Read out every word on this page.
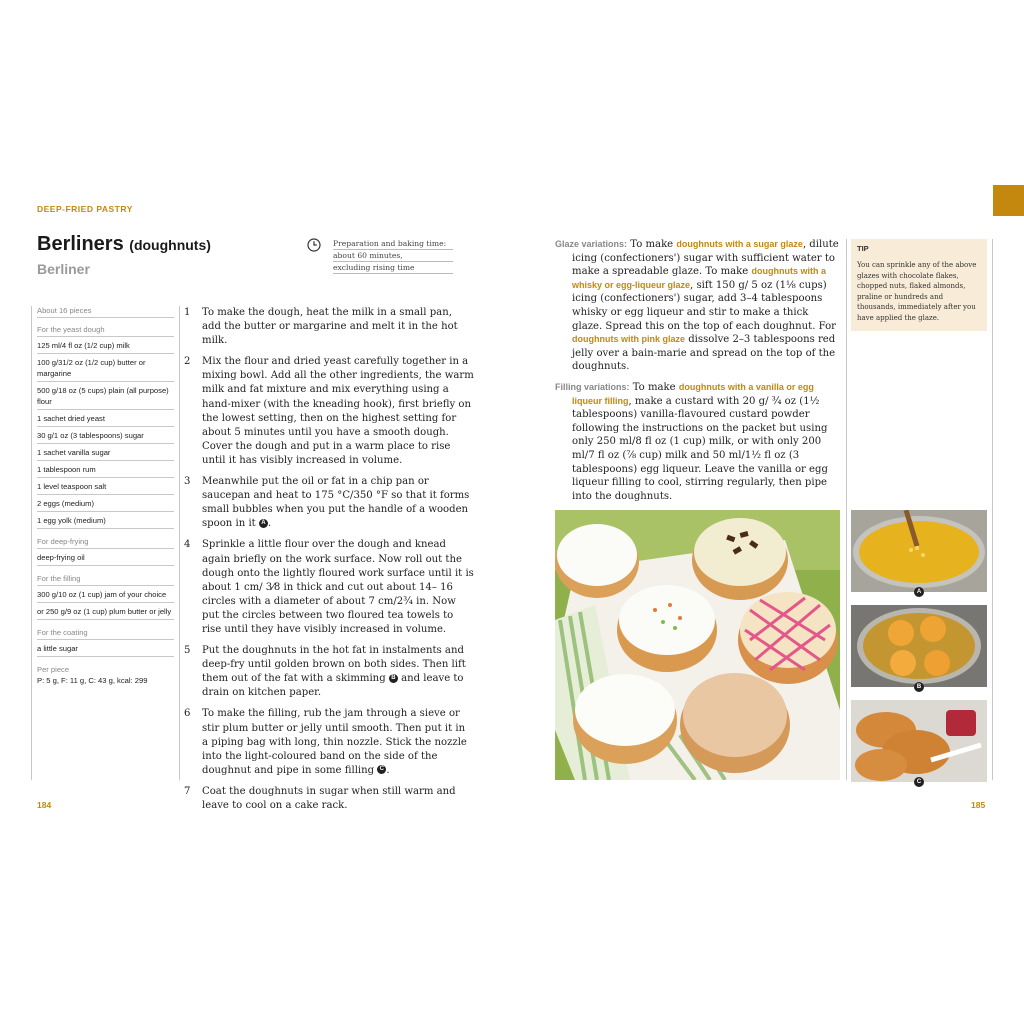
DEEP-FRIED PASTRY
Berliners (doughnuts)
Berliner
Preparation and baking time:
about 60 minutes,
excluding rising time
About 16 pieces
For the yeast dough
125 ml/4 fl oz (1/2 cup) milk
100 g/31/2 oz (1/2 cup) butter or margarine
500 g/18 oz (5 cups) plain (all purpose) flour
1 sachet dried yeast
30 g/1 oz (3 tablespoons) sugar
1 sachet vanilla sugar
1 tablespoon rum
1 level teaspoon salt
2 eggs (medium)
1 egg yolk (medium)
For deep-frying
deep-frying oil
For the filling
300 g/10 oz (1 cup) jam of your choice
or 250 g/9 oz (1 cup) plum butter or jelly
For the coating
a little sugar
Per piece
P: 5 g, F: 11 g, C: 43 g, kcal: 299
1	To make the dough, heat the milk in a small pan, add the butter or margarine and melt it in the hot milk.
2	Mix the flour and dried yeast carefully together in a mixing bowl. Add all the other ingredients, the warm milk and fat mixture and mix everything using a hand-mixer (with the kneading hook), first briefly on the lowest setting, then on the highest setting for about 5 minutes until you have a smooth dough. Cover the dough and put in a warm place to rise until it has visibly increased in volume.
3	Meanwhile put the oil or fat in a chip pan or saucepan and heat to 175 °C/350 °F so that it forms small bubbles when you put the handle of a wooden spoon in it A .
4	Sprinkle a little flour over the dough and knead again briefly on the work surface. Now roll out the dough onto the lightly floured work surface until it is about 1 cm/ 3⁄8 in thick and cut out about 14– 16 circles with a diameter of about 7 cm/2¾ in. Now put the circles between two floured tea towels to rise until they have visibly increased in volume.
5	Put the doughnuts in the hot fat in instalments and deep-fry until golden brown on both sides. Then lift them out of the fat with a skimming B and leave to drain on kitchen paper.
6	To make the filling, rub the jam through a sieve or stir plum butter or jelly until smooth. Then put it in a piping bag with long, thin nozzle. Stick the nozzle into the light-coloured band on the side of the doughnut and pipe in some filling C .
7	Coat the doughnuts in sugar when still warm and leave to cool on a cake rack.
Glaze variations: To make doughnuts with a sugar glaze, dilute icing (confectioners') sugar with sufficient water to make a spreadable glaze. To make doughnuts with a whisky or egg-liqueur glaze, sift 150 g/ 5 oz (1⅛ cups) icing (confectioners') sugar, add 3–4 tablespoons whisky or egg liqueur and stir to make a thick glaze. Spread this on the top of each doughnut. For doughnuts with pink glaze dissolve 2–3 tablespoons red jelly over a bain-marie and spread on the top of the doughnuts.
Filling variations: To make doughnuts with a vanilla or egg liqueur filling, make a custard with 20 g/ ¾ oz (1½ tablespoons) vanilla-flavoured custard powder following the instructions on the packet but using only 250 ml/8 fl oz (1 cup) milk, or with only 200 ml/7 fl oz (⅞ cup) milk and 50 ml/1½ fl oz (3 tablespoons) egg liqueur. Leave the vanilla or egg liqueur filling to cool, stirring regularly, then pipe into the doughnuts.
TIP
You can sprinkle any of the above glazes with chocolate flakes, chopped nuts, flaked almonds, praline or hundreds and thousands, immediately after you have applied the glaze.
A
B
C
184	185
